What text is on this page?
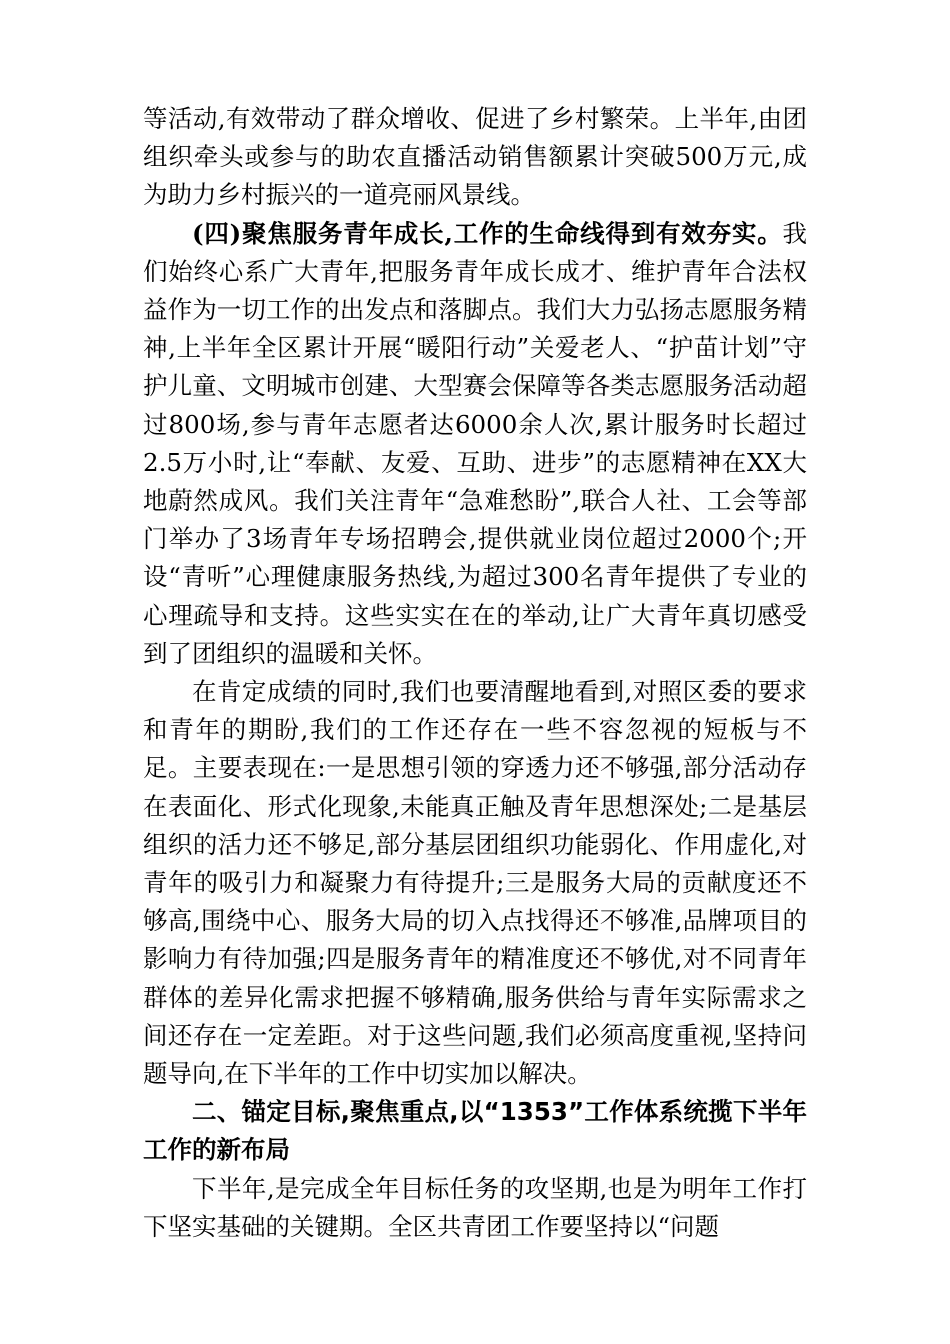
等活动,有效带动了群众增收、促进了乡村繁荣。上半年,由团组织牵头或参与的助农直播活动销售额累计突破500万元,成为助力乡村振兴的一道亮丽风景线。

(四)聚焦服务青年成长,工作的生命线得到有效夯实。我们始终心系广大青年,把服务青年成长成才、维护青年合法权益作为一切工作的出发点和落脚点。我们大力弘扬志愿服务精神,上半年全区累计开展“暖阳行动”关爱老人、“护苗计划”守护儿童、文明城市创建、大型赛会保障等各类志愿服务活动超过800场,参与青年志愿者达6000余人次,累计服务时长超过2.5万小时,让“奉献、友爱、互助、进步”的志愿精神在XX大地蔚然成风。我们关注青年“急难愁盼”,联合人社、工会等部门举办了3场青年专场招聘会,提供就业岗位超过2000个;开设“青听”心理健康服务热线,为超过300名青年提供了专业的心理疏导和支持。这些实实在在的举动,让广大青年真切感受到了团组织的温暖和关怀。

在肯定成绩的同时,我们也要清醒地看到,对照区委的要求和青年的期盼,我们的工作还存在一些不容忽视的短板与不足。主要表现在:一是思想引领的穿透力还不够强,部分活动存在表面化、形式化现象,未能真正触及青年思想深处;二是基层组织的活力还不够足,部分基层团组织功能弱化、作用虚化,对青年的吸引力和凝聚力有待提升;三是服务大局的贡献度还不够高,围绕中心、服务大局的切入点找得还不够准,品牌项目的影响力有待加强;四是服务青年的精准度还不够优,对不同青年群体的差异化需求把握不够精确,服务供给与青年实际需求之间还存在一定差距。对于这些问题,我们必须高度重视,坚持问题导向,在下半年的工作中切实加以解决。

二、锚定目标,聚焦重点,以“1353”工作体系统揽下半年工作的新布局

下半年,是完成全年目标任务的攻坚期,也是为明年工作打下坚实基础的关键期。全区共青团工作要坚持以“问题
